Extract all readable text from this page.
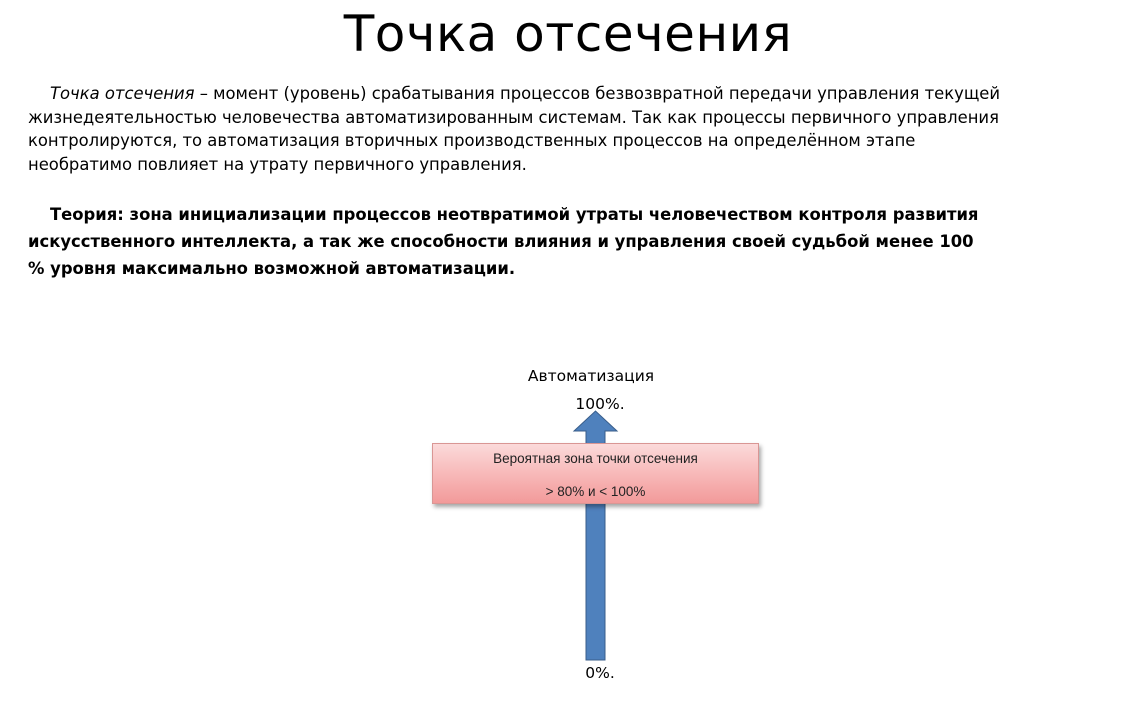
Точка отсечения
Точка отсечения – момент (уровень) срабатывания процессов безвозвратной передачи управления текущей жизнедеятельностью человечества автоматизированным системам. Так как процессы первичного управления контролируются, то автоматизация вторичных производственных процессов на определённом этапе необратимо повлияет на утрату первичного управления.
Теория: зона инициализации процессов неотвратимой утраты человечеством контроля развития искусственного интеллекта, а так же способности влияния и управления своей судьбой менее 100 % уровня максимально возможной автоматизации.
Автоматизация
100%.
Вероятная зона точки отсечения
> 80% и < 100%
0%.
